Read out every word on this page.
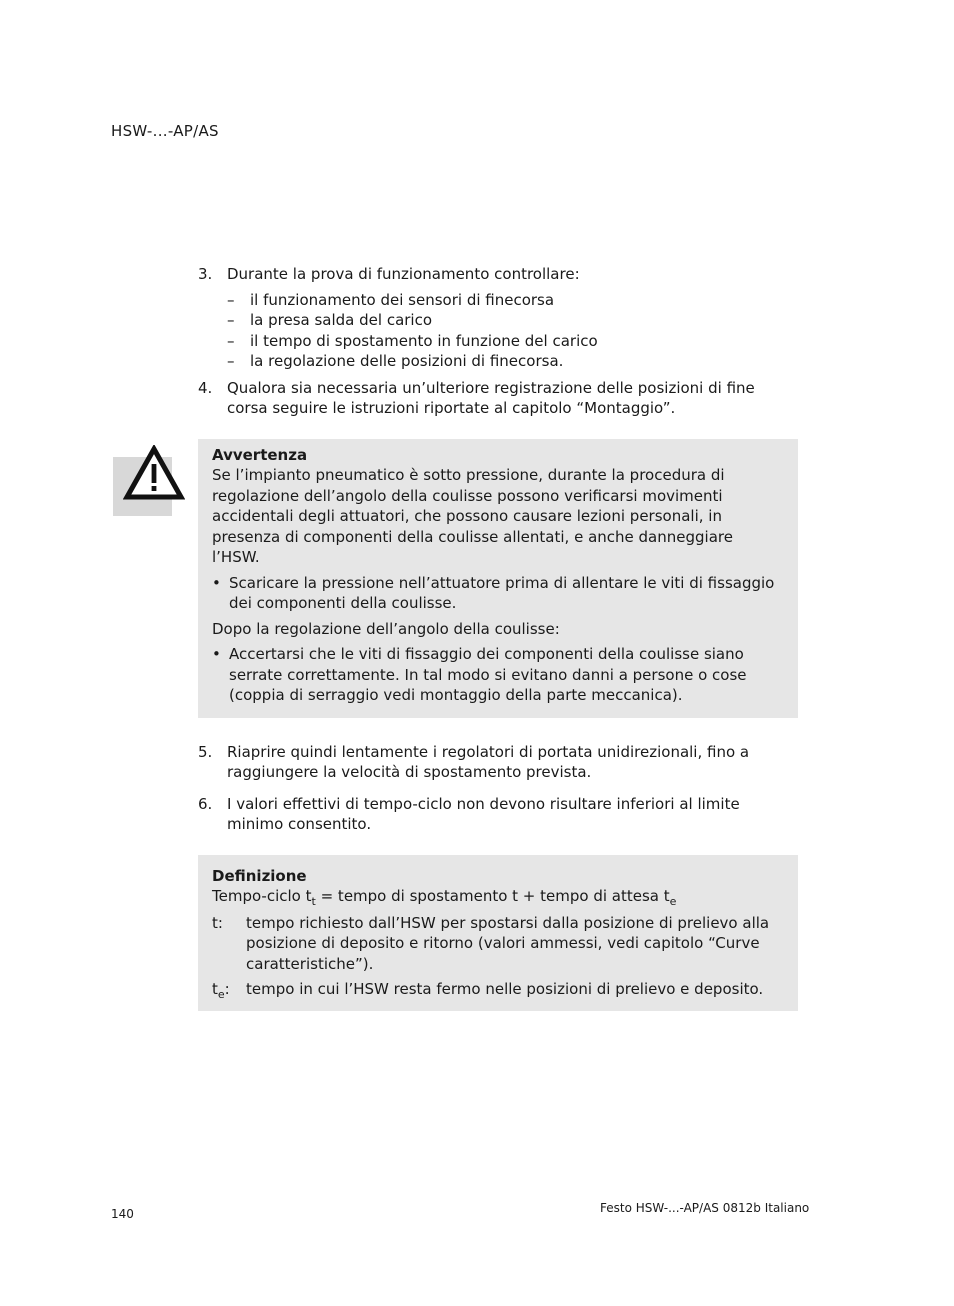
HSW-...-AP/AS
3. Durante la prova di funzionamento controllare:
–	il funzionamento dei sensori di finecorsa
–	la presa salda del carico
–	il tempo di spostamento in funzione del carico
–	la regolazione delle posizioni di finecorsa.
4. Qualora sia necessaria un’ulteriore registrazione delle posizioni di fine corsa seguire le istruzioni riportate al capitolo “Montaggio”.
Avvertenza
Se l’impianto pneumatico è sotto pressione, durante la procedura di regolazione dell’angolo della coulisse possono verificarsi movimenti accidentali degli attuatori, che possono causare lezioni personali, in presenza di componenti della coulisse allentati, e anche danneggiare l’HSW.
• Scaricare la pressione nell’attuatore prima di allentare le viti di fissaggio dei componenti della coulisse.
Dopo la regolazione dell’angolo della coulisse:
• Accertarsi che le viti di fissaggio dei componenti della coulisse siano serrate correttamente. In tal modo si evitano danni a persone o cose (coppia di serraggio vedi montaggio della parte meccanica).
5. Riaprire quindi lentamente i regolatori di portata unidirezionali, fino a raggiungere la velocità di spostamento prevista.
6. I valori effettivi di tempo-ciclo non devono risultare inferiori al limite minimo consentito.
Definizione
Tempo-ciclo $t_t$ = tempo di spostamento t + tempo di attesa $t_e$
t:	tempo richiesto dall’HSW per spostarsi dalla posizione di prelievo alla posizione di deposito e ritorno (valori ammessi, vedi capitolo “Curve caratteristiche”).
$t_e$:	tempo in cui l’HSW resta fermo nelle posizioni di prelievo e deposito.
140	Festo HSW-...-AP/AS 0812b Italiano
